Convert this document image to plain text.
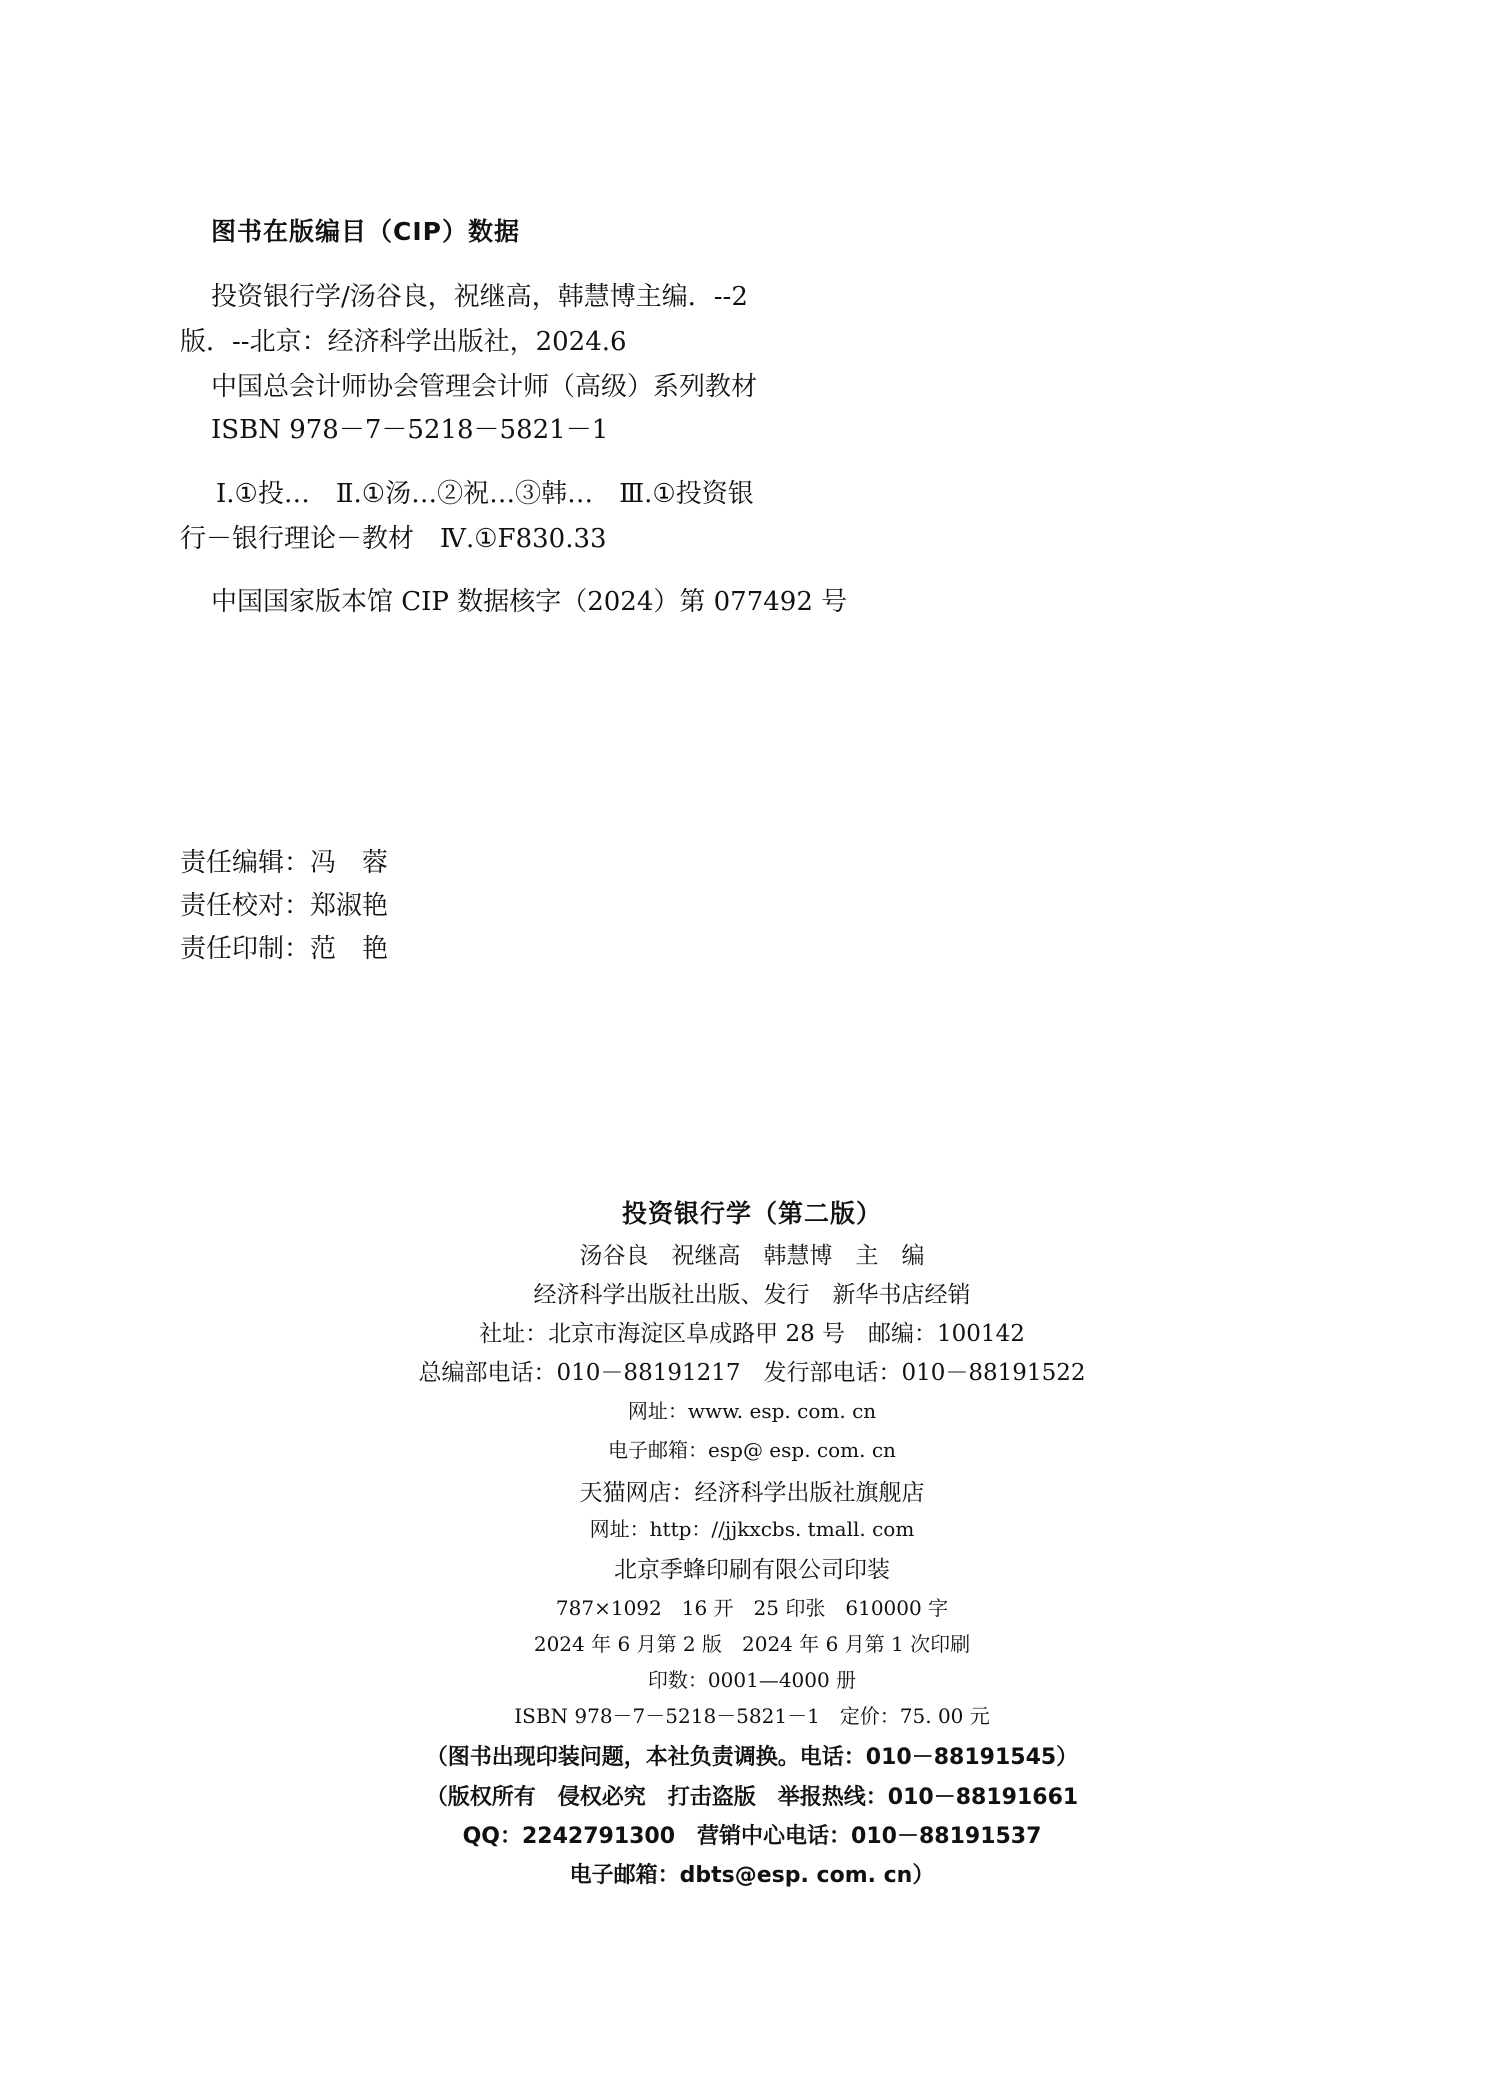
图书在版编目（CIP）数据
投资银行学/汤谷良，祝继高，韩慧博主编．--2
版．--北京：经济科学出版社，2024.6
中国总会计师协会管理会计师（高级）系列教材
ISBN 978－7－5218－5821－1
Ⅰ.①投…　Ⅱ.①汤…②祝…③韩…　Ⅲ.①投资银
行－银行理论－教材　Ⅳ.①F830.33
中国国家版本馆 CIP 数据核字（2024）第 077492 号
责任编辑：冯　蓉
责任校对：郑淑艳
责任印制：范　艳
投资银行学（第二版）
汤谷良　祝继高　韩慧博　主　编
经济科学出版社出版、发行　新华书店经销
社址：北京市海淀区阜成路甲 28 号　邮编：100142
总编部电话：010－88191217　发行部电话：010－88191522
网址：www. esp. com. cn
电子邮箱：esp@ esp. com. cn
天猫网店：经济科学出版社旗舰店
网址：http：//jjkxcbs. tmall. com
北京季蜂印刷有限公司印装
787×1092　16 开　25 印张　610000 字
2024 年 6 月第 2 版　2024 年 6 月第 1 次印刷
印数：0001—4000 册
ISBN 978－7－5218－5821－1　定价：75. 00 元
（图书出现印装问题，本社负责调换。电话：010－88191545）
（版权所有　侵权必究　打击盗版　举报热线：010－88191661
QQ：2242791300　营销中心电话：010－88191537
电子邮箱：dbts@esp. com. cn）
